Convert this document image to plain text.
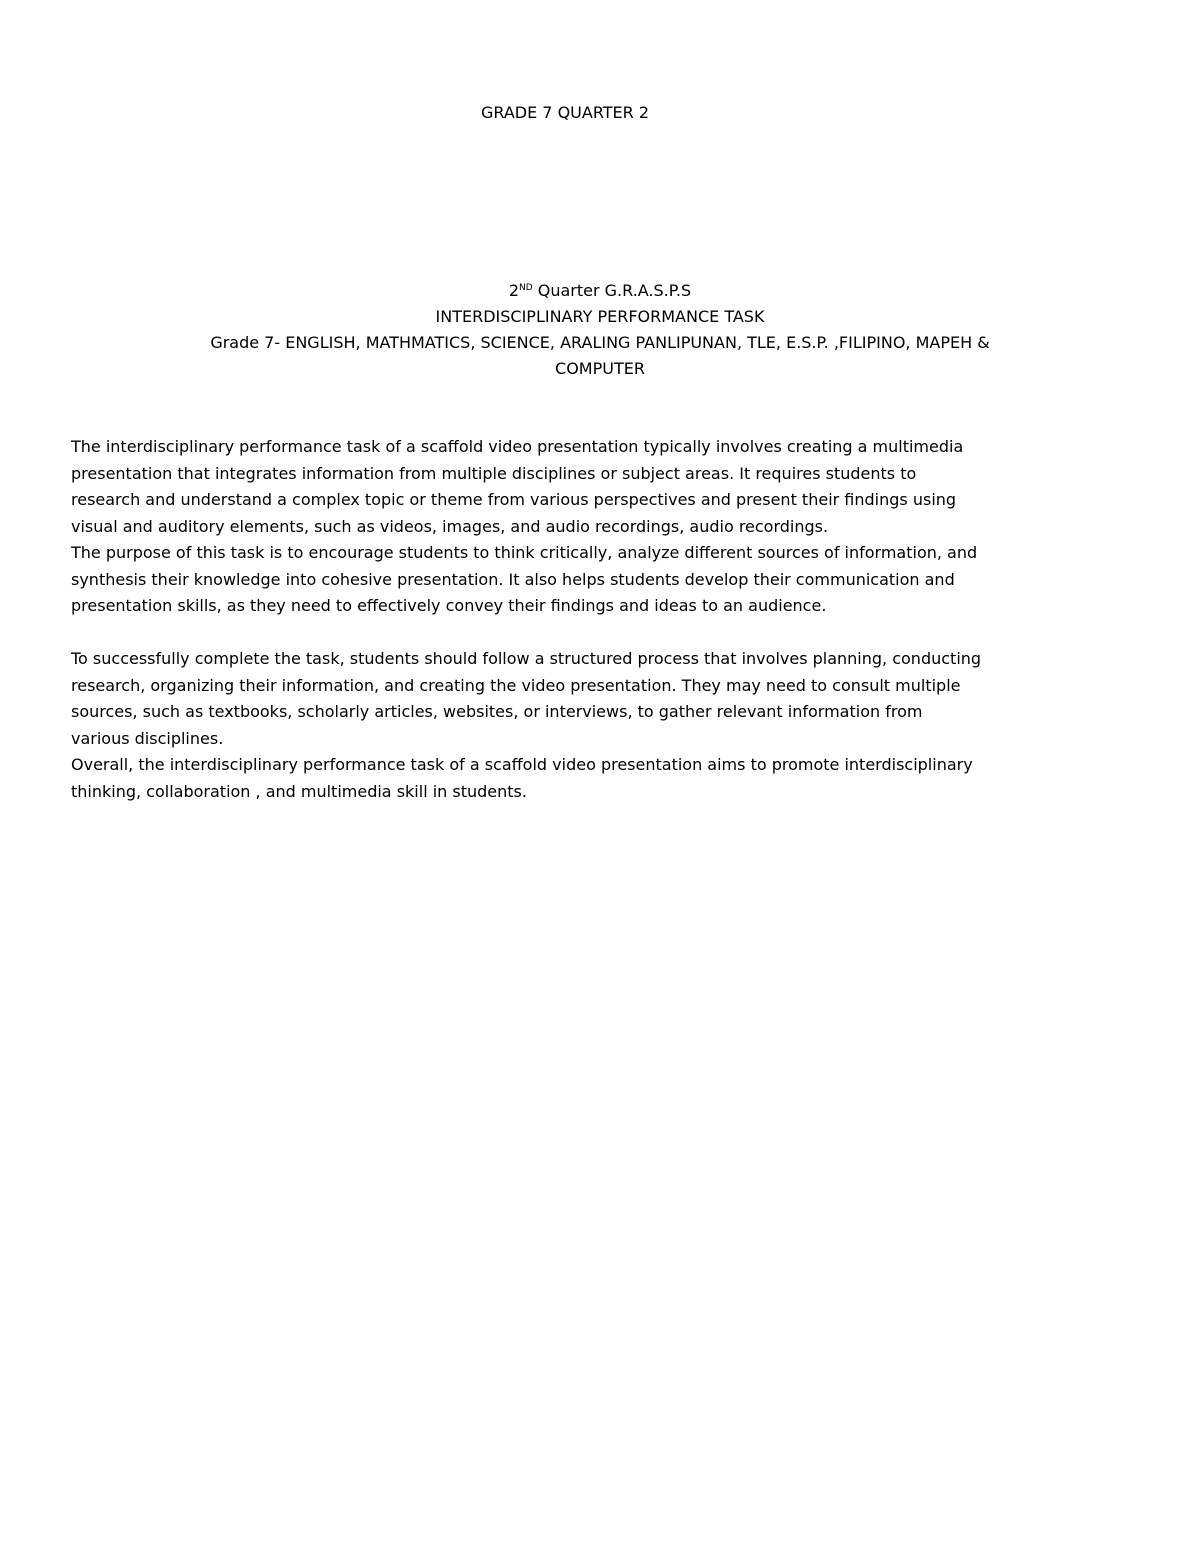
GRADE 7 QUARTER 2
2ND Quarter G.R.A.S.P.S
INTERDISCIPLINARY PERFORMANCE TASK
Grade 7- ENGLISH, MATHMATICS, SCIENCE, ARALING PANLIPUNAN, TLE, E.S.P. ,FILIPINO, MAPEH &
COMPUTER
The interdisciplinary performance task of a scaffold video presentation typically involves creating a multimedia
presentation that integrates information from multiple disciplines or subject areas. It requires students to
research and understand a complex topic or theme from various perspectives and present their findings using
visual and auditory elements, such as videos, images, and audio recordings, audio recordings.
The purpose of this task is to encourage students to think critically, analyze different sources of information, and
synthesis their knowledge into cohesive presentation. It also helps students develop their communication and
presentation skills, as they need to effectively convey their findings and ideas to an audience.
To successfully complete the task, students should follow a structured process that involves planning, conducting
research, organizing their information, and creating the video presentation. They may need to consult multiple
sources, such as textbooks, scholarly articles, websites, or interviews, to gather relevant information from
various disciplines.
Overall, the interdisciplinary performance task of a scaffold video presentation aims to promote interdisciplinary
thinking, collaboration , and multimedia skill in students.
